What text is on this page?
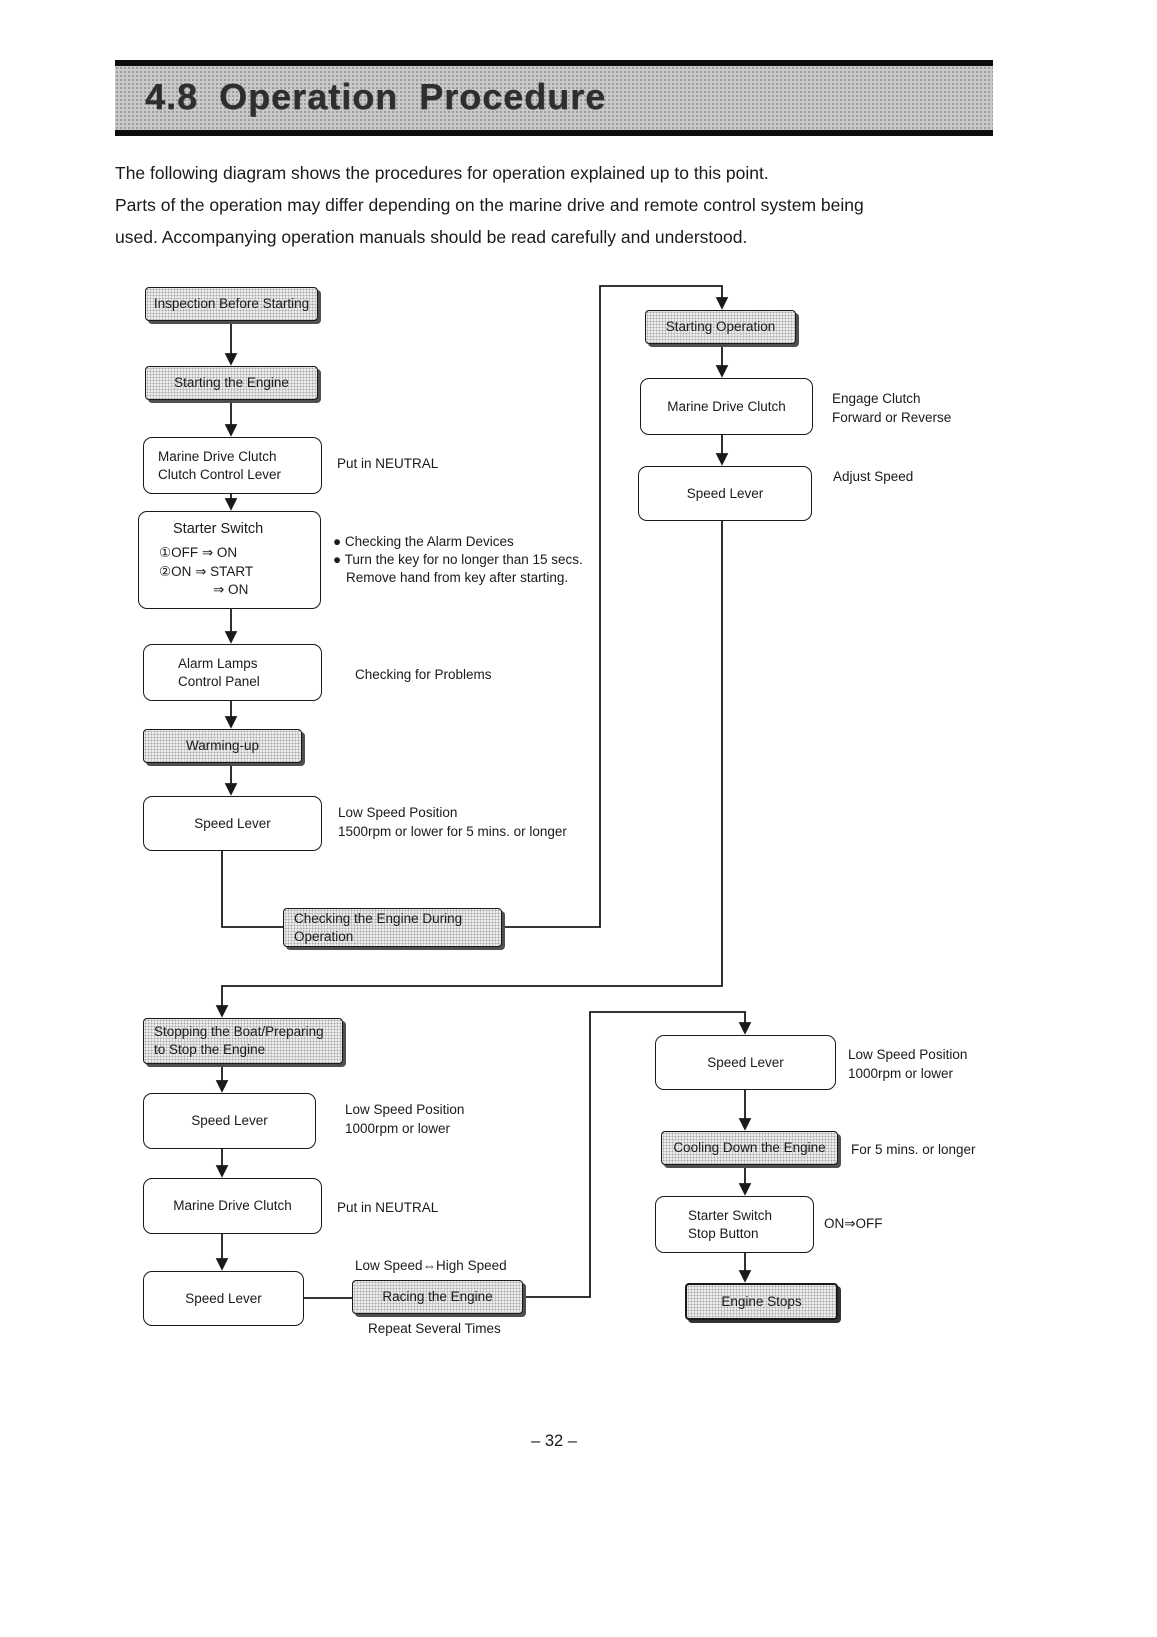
4.8 Operation Procedure
The following diagram shows the procedures for operation explained up to this point.
Parts of the operation may differ depending on the marine drive and remote control system being
used. Accompanying operation manuals should be read carefully and understood.
Inspection Before Starting
Starting the Engine
Marine Drive Clutch
Clutch Control Lever
Starter Switch
①OFF ⇒ ON
②ON ⇒ START
⇒ ON
Alarm Lamps
Control Panel
Warming-up
Speed Lever
Checking the Engine During Operation
Starting Operation
Marine Drive Clutch
Speed Lever
Stopping the Boat/Preparing to Stop the Engine
Speed Lever
Marine Drive Clutch
Speed Lever	Racing the Engine
Speed Lever
Cooling Down the Engine
Starter Switch
Stop Button
Engine Stops
Put in NEUTRAL
● Checking the Alarm Devices
● Turn the key for no longer than 15 secs.
Remove hand from key after starting.
Checking for Problems
Low Speed Position
1500rpm or lower for 5 mins. or longer
Engage Clutch
Forward or Reverse
Adjust Speed
Low Speed Position
1000rpm or lower
Put in NEUTRAL
Low Speed⇔High Speed
Repeat Several Times
Low Speed Position
1000rpm or lower
For 5 mins. or longer
ON⇒OFF
– 32 –
